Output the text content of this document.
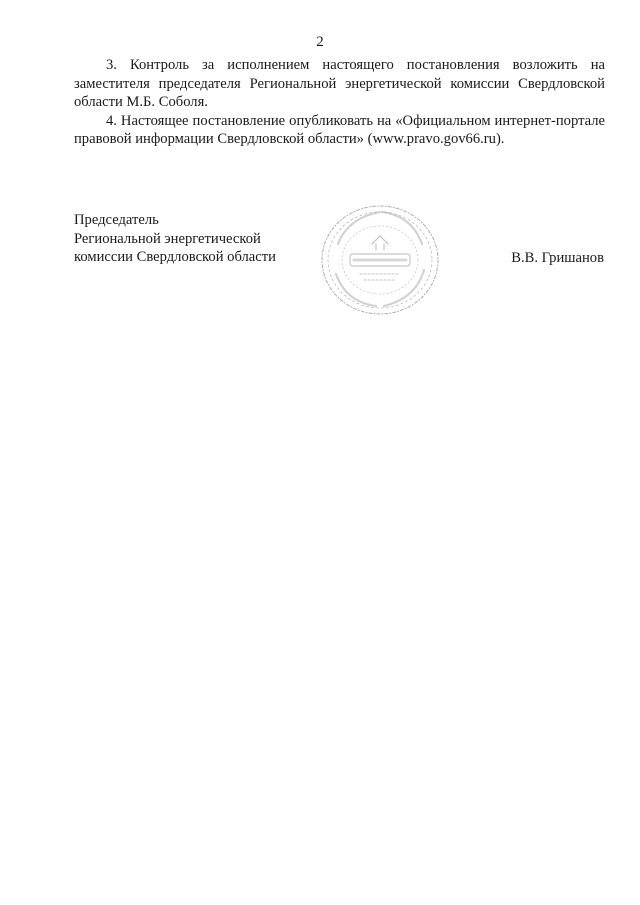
2

3. Контроль за исполнением настоящего постановления возложить на заместителя председателя Региональной энергетической комиссии Свердловской области М.Б. Соболя.

4. Настоящее постановление опубликовать на «Официальном интернет-портале правовой информации Свердловской области» (www.pravo.gov66.ru).

Председатель
Региональной энергетической
комиссии Свердловской области	В.В. Гришанов
